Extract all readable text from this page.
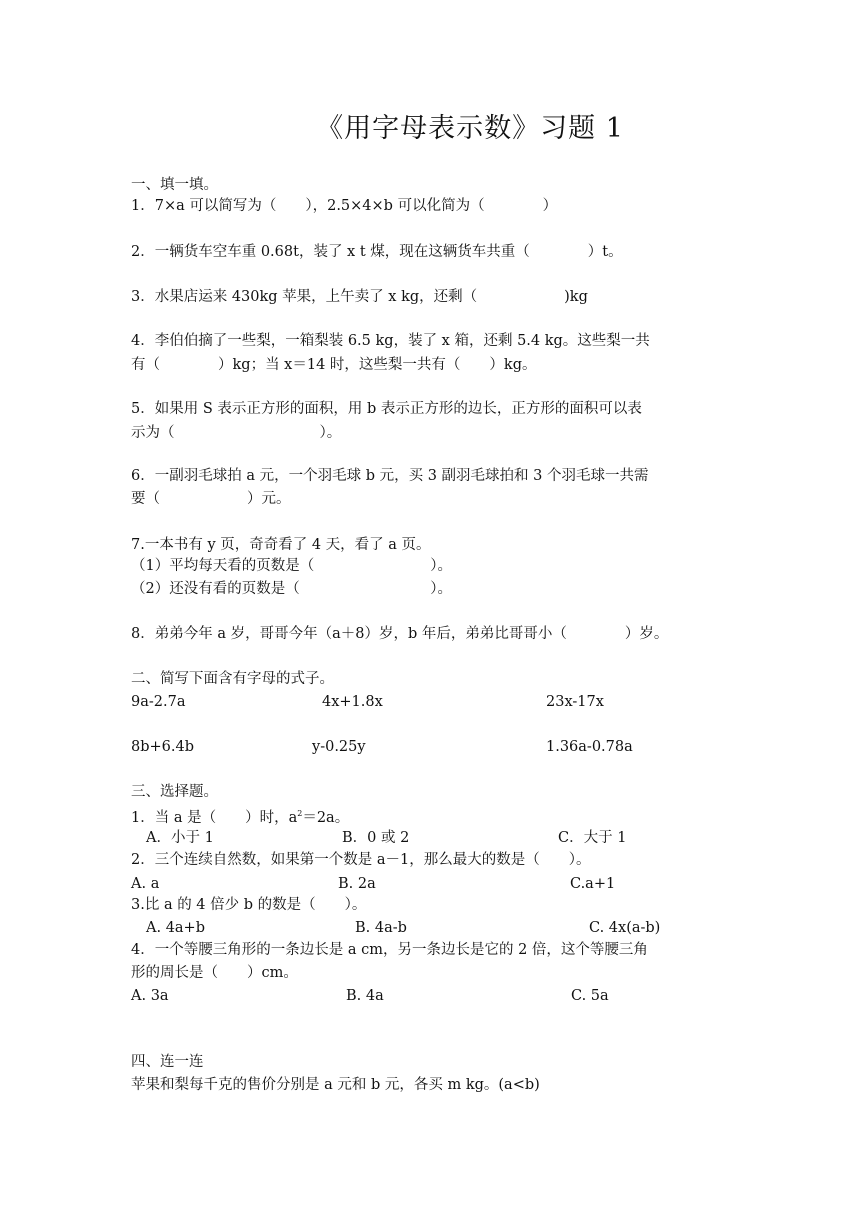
《用字母表示数》习题 1
一、填一填。
1．7×a 可以简写为（　　），2.5×4×b 可以化简为（　　　　）
2．一辆货车空车重 0.68t，装了 x t 煤，现在这辆货车共重（　　　　）t。
3．水果店运来 430kg 苹果，上午卖了 x kg，还剩（　　　　　　)kg
4．李伯伯摘了一些梨，一箱梨装 6.5 kg，装了 x 箱，还剩 5.4 kg。这些梨一共
有（　　　　）kg；当 x＝14 时，这些梨一共有（　　）kg。
5．如果用 S 表示正方形的面积，用 b 表示正方形的边长，正方形的面积可以表
示为（　　　　　　　　　　）。
6．一副羽毛球拍 a 元，一个羽毛球 b 元，买 3 副羽毛球拍和 3 个羽毛球一共需
要（　　　　　　）元。
7.一本书有 y 页，奇奇看了 4 天，看了 a 页。
（1）平均每天看的页数是（　　　　　　　　）。
（2）还没有看的页数是（　　　　　　　　　）。
8．弟弟今年 a 岁，哥哥今年（a＋8）岁，b 年后，弟弟比哥哥小（　　　　）岁。
二、简写下面含有字母的式子。
9a-2.7a	4x+1.8x	23x-17x
8b+6.4b	y-0.25y	1.36a-0.78a
三、选择题。
1．当 a 是（　　）时，$a^2=2a$。
A．小于 1	B．0 或 2	C．大于 1
2．三个连续自然数，如果第一个数是 a－1，那么最大的数是（　　）。
A. a	B. 2a	C.a+1
3.比 a 的 4 倍少 b 的数是（　　）。
A. 4a+b	B. 4a-b	C. 4x(a-b)
4．一个等腰三角形的一条边长是 a cm，另一条边长是它的 2 倍，这个等腰三角
形的周长是（　　）cm。
A. 3a	B. 4a	C. 5a
四、连一连
苹果和梨每千克的售价分别是 a 元和 b 元，各买 m kg。(a<b)
